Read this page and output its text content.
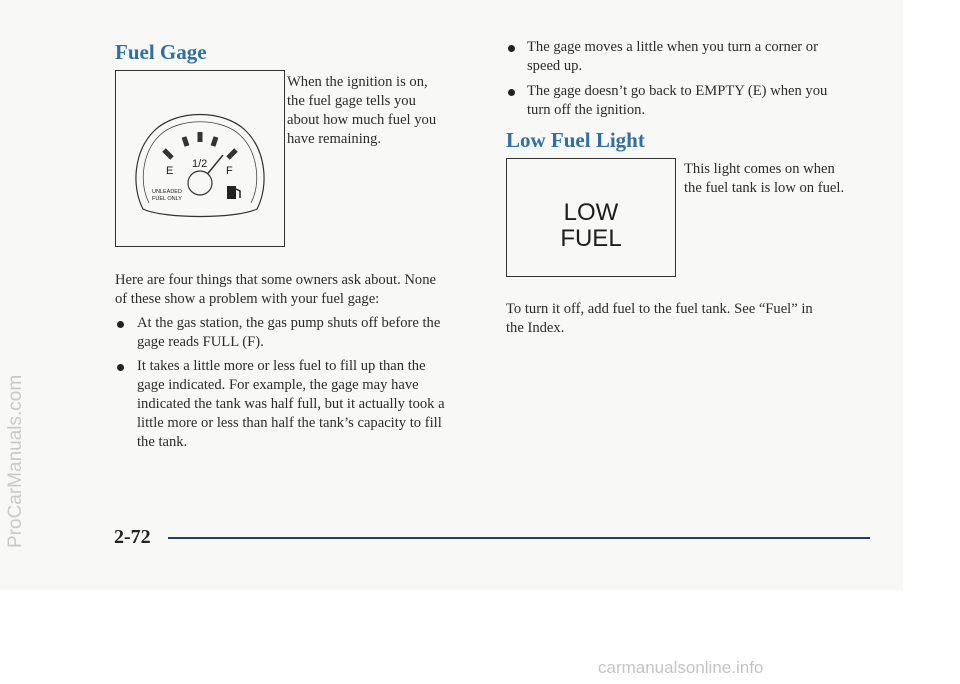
Fuel Gage
E
1/2
F
UNLEADED
FUEL ONLY

When the ignition is on,
the fuel gage tells you
about how much fuel you
have remaining.

Here are four things that some owners ask about. None
of these show a problem with your fuel gage:

At the gas station, the gas pump shuts off before the
gage reads FULL (F).

It takes a little more or less fuel to fill up than the
gage indicated. For example, the gage may have
indicated the tank was half full, but it actually took a
little more or less than half the tank’s capacity to fill
the tank.

The gage moves a little when you turn a corner or
speed up.

The gage doesn’t go back to EMPTY (E) when you
turn off the ignition.

Low Fuel Light
LOW
FUEL

This light comes on when
the fuel tank is low on fuel.

To turn it off, add fuel to the fuel tank. See “Fuel” in
the Index.

2-72

ProCarManuals.com
carmanualsonline.info
